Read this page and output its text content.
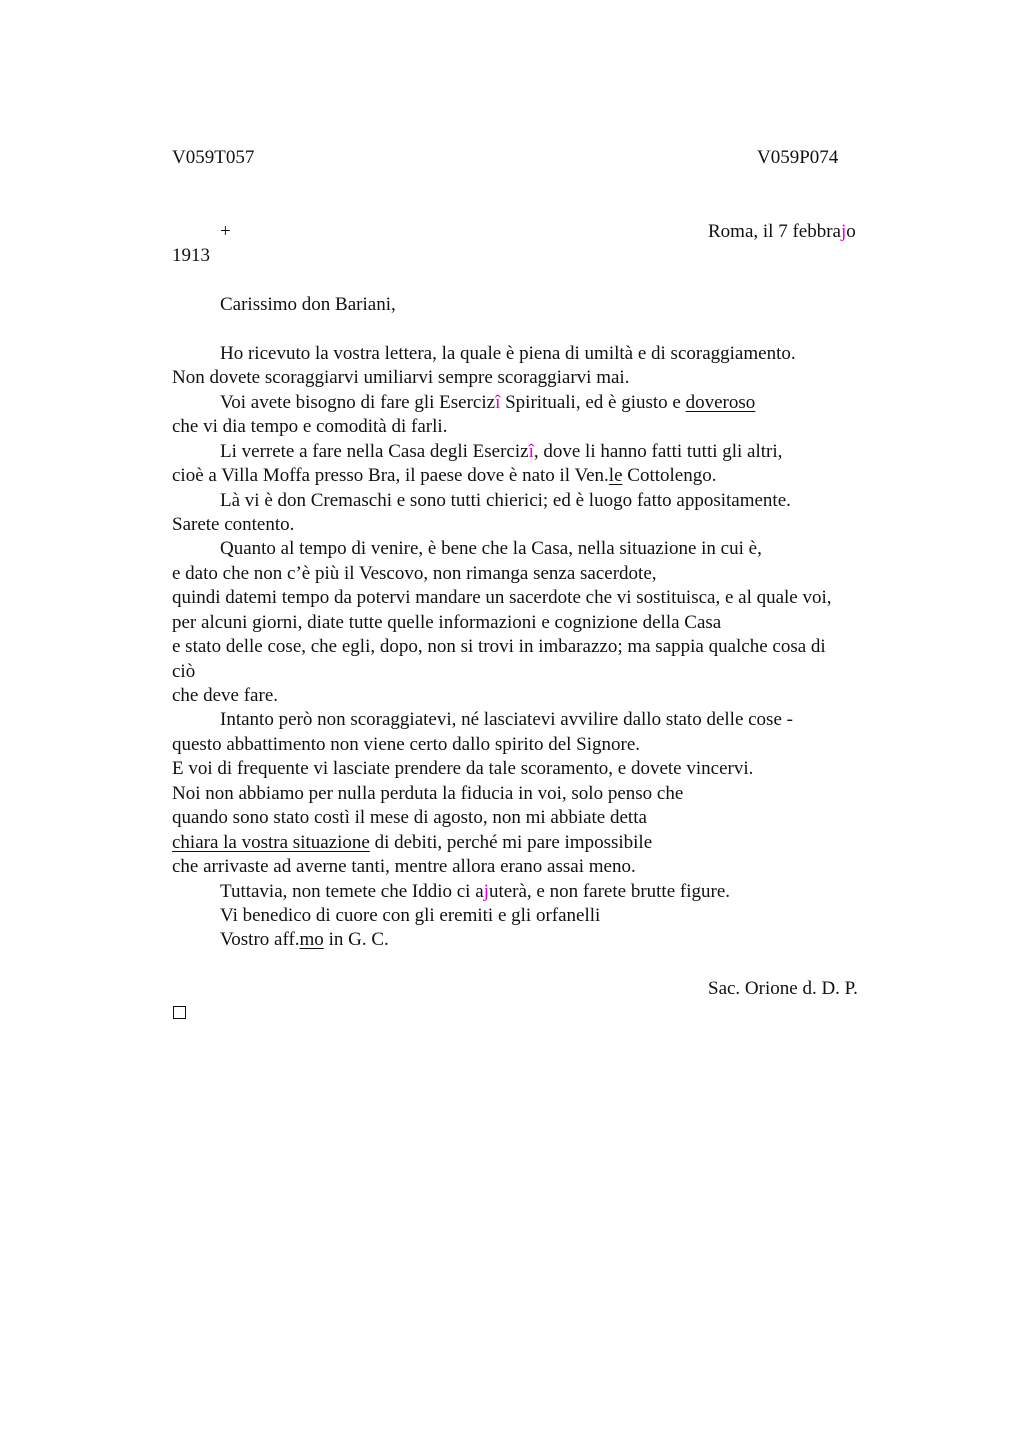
V059T057	V059P074
+	Roma, il 7 febbrajo
1913
Carissimo don Bariani,
Ho ricevuto la vostra lettera, la quale è piena di umiltà e di scoraggiamento.
Non dovete scoraggiarvi umiliarvi sempre scoraggiarvi mai.
Voi avete bisogno di fare gli Esercizî Spirituali, ed è giusto e doveroso
che vi dia tempo e comodità di farli.
Li verrete a fare nella Casa degli Esercizî, dove li hanno fatti tutti gli altri,
cioè a Villa Moffa presso Bra, il paese dove è nato il Ven.le Cottolengo.
Là vi è don Cremaschi e sono tutti chierici; ed è luogo fatto appositamente.
Sarete contento.
Quanto al tempo di venire, è bene che la Casa, nella situazione in cui è,
e dato che non c’è più il Vescovo, non rimanga senza sacerdote,
quindi datemi tempo da potervi mandare un sacerdote che vi sostituisca, e al quale voi,
per alcuni giorni, diate tutte quelle informazioni e cognizione della Casa
e stato delle cose, che egli, dopo, non si trovi in imbarazzo; ma sappia qualche cosa di
ciò
che deve fare.
Intanto però non scoraggiatevi, né lasciatevi avvilire dallo stato delle cose -
questo abbattimento non viene certo dallo spirito del Signore.
E voi di frequente vi lasciate prendere da tale scoramento, e dovete vincervi.
Noi non abbiamo per nulla perduta la fiducia in voi, solo penso che
quando sono stato costì il mese di agosto, non mi abbiate detta
chiara la vostra situazione di debiti, perché mi pare impossibile
che arrivaste ad averne tanti, mentre allora erano assai meno.
Tuttavia, non temete che Iddio ci ajuterà, e non farete brutte figure.
Vi benedico di cuore con gli eremiti e gli orfanelli
Vostro aff.mo in G. C.
Sac. Orione d. D. P.
